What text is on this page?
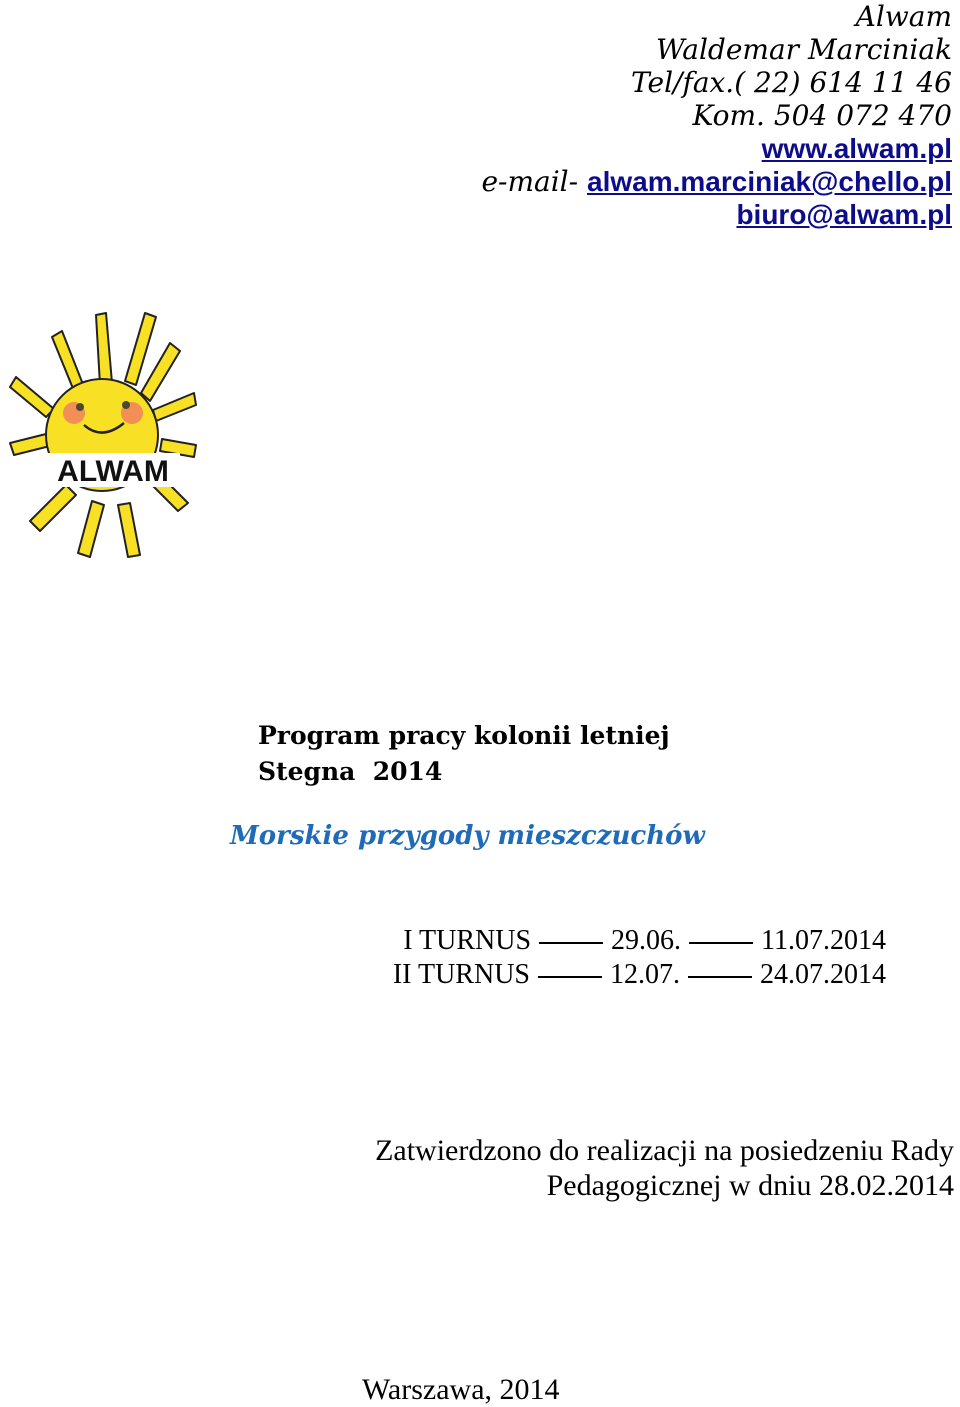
Alwam
Waldemar Marciniak
Tel/fax.( 22) 614 11 46
Kom. 504 072 470
www.alwam.pl
e-mail- alwam.marciniak@chello.pl
biuro@alwam.pl
ALWAM
Program pracy kolonii letniej
Stegna  2014
Morskie przygody mieszczuchów
I TURNUS	29.06.	11.07.2014
II TURNUS	12.07.	24.07.2014
Zatwierdzono do realizacji na posiedzeniu Rady
Pedagogicznej w dniu 28.02.2014
Warszawa, 2014
